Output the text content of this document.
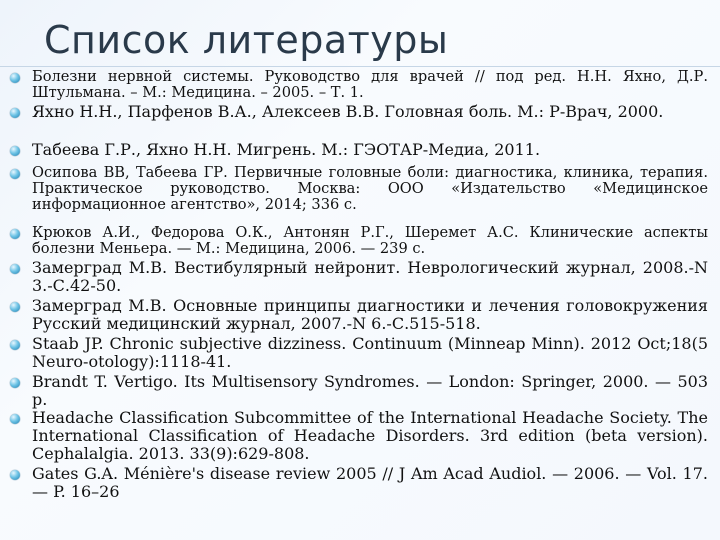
Список литературы
Болезни нервной системы. Руководство для врачей // под ред. Н.Н. Яхно, Д.Р. Штульмана. – М.: Медицина. – 2005. – Т. 1.
Яхно Н.Н., Парфенов В.А., Алексеев В.В. Головная боль. М.: Р-Врач, 2000.
Табеева Г.Р., Яхно Н.Н. Мигрень. М.: ГЭОТАР-Медиа, 2011.
Осипова ВВ, Табеева ГР. Первичные головные боли: диагностика, клиника, терапия. Практическое руководство. Москва: ООО «Издательство «Медицинское информационное агентство», 2014; 336 с.
Крюков А.И., Федорова О.К., Антонян Р.Г., Шеремет А.С. Клинические аспекты болезни Меньера. — М.: Медицина, 2006. — 239 с.
Замерград М.В. Вестибулярный нейронит. Неврологический журнал, 2008.-N 3.-С.42-50.
Замерград М.В. Основные принципы диагностики и лечения головокружения Русский медицинский журнал, 2007.-N 6.-С.515-518.
Staab JP. Chronic subjective dizziness. Continuum (Minneap Minn). 2012 Oct;18(5 Neuro-otology):1118-41.
Brandt T. Vertigo. Its Multisensory Syndromes. — London: Springer, 2000. — 503 p.
Headache Classification Subcommittee of the International Headache Society. The International Classification of Headache Disorders. 3rd edition (beta version). Cephalalgia. 2013. 33(9):629-808.
Gates G.A. Ménière's disease review 2005 // J Am Acad Audiol. — 2006. — Vol. 17. — P. 16–26
